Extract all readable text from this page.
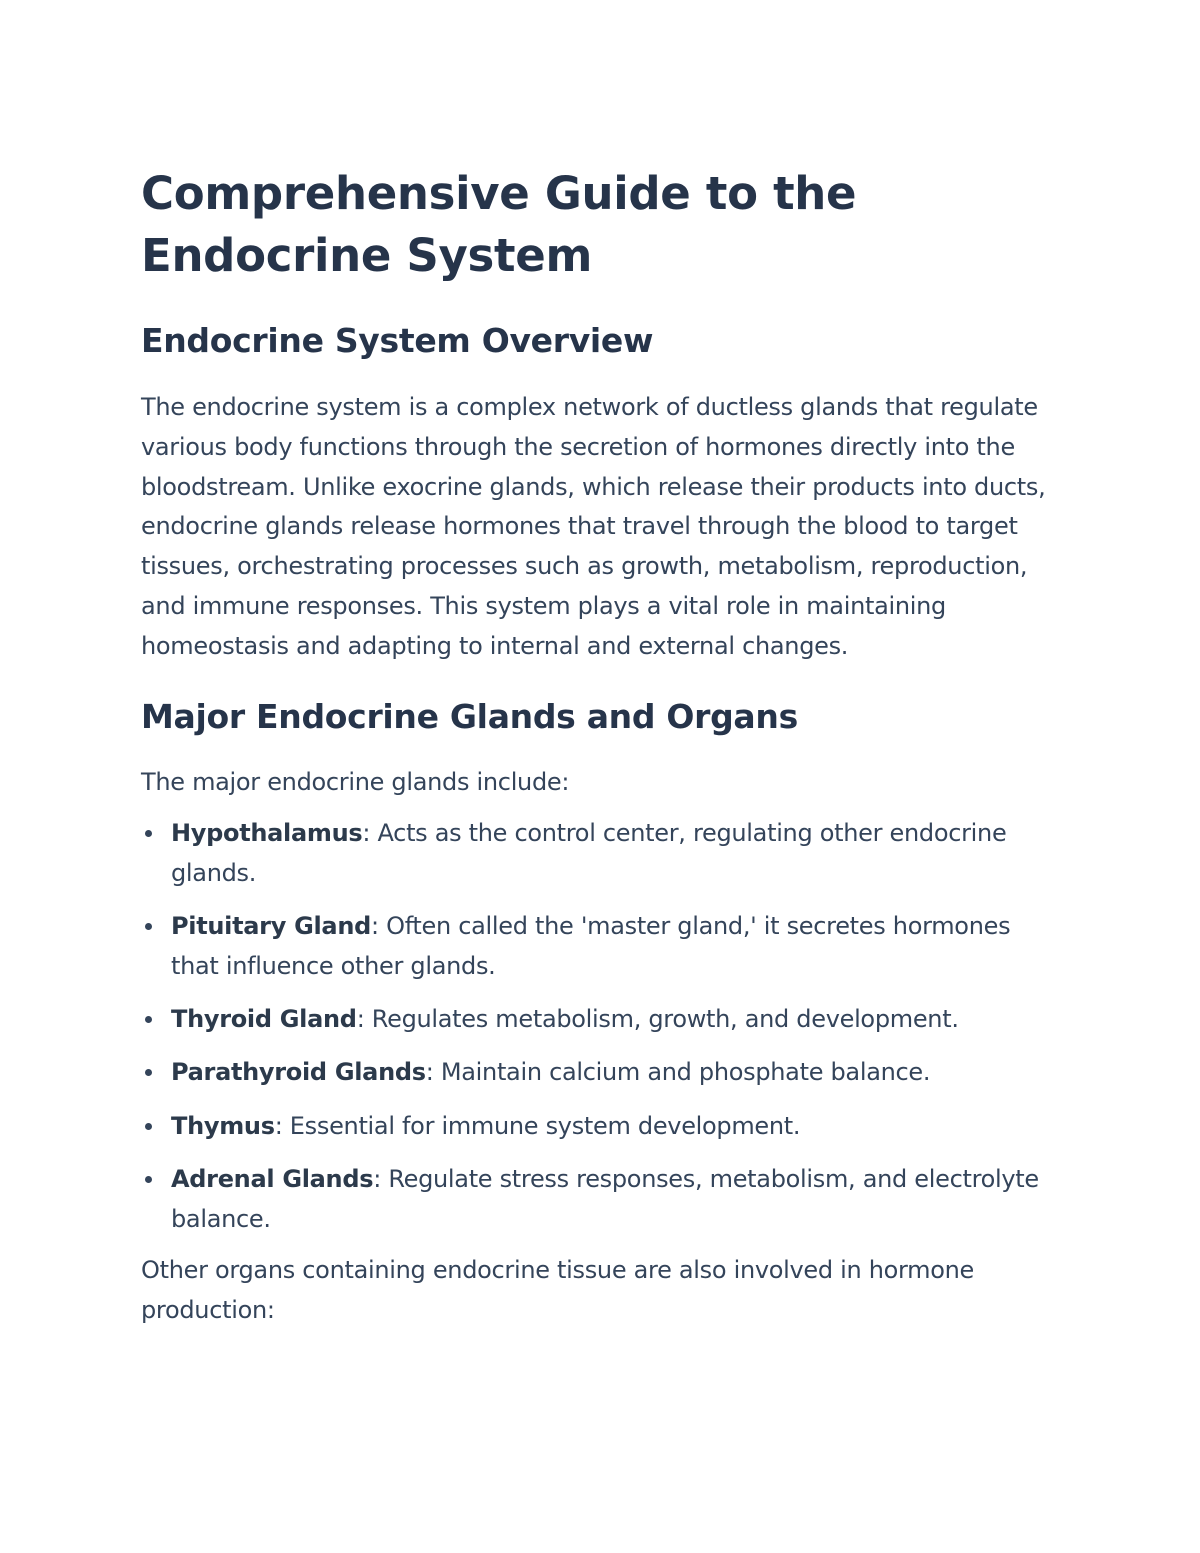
Comprehensive Guide to the Endocrine System
Endocrine System Overview

The endocrine system is a complex network of ductless glands that regulate various body functions through the secretion of hormones directly into the bloodstream. Unlike exocrine glands, which release their products into ducts, endocrine glands release hormones that travel through the blood to target tissues, orchestrating processes such as growth, metabolism, reproduction, and immune responses. This system plays a vital role in maintaining homeostasis and adapting to internal and external changes.

Major Endocrine Glands and Organs

The major endocrine glands include:

Hypothalamus: Acts as the control center, regulating other endocrine glands.
Pituitary Gland: Often called the 'master gland,' it secretes hormones that influence other glands.
Thyroid Gland: Regulates metabolism, growth, and development.
Parathyroid Glands: Maintain calcium and phosphate balance.
Thymus: Essential for immune system development.
Adrenal Glands: Regulate stress responses, metabolism, and electrolyte balance.

Other organs containing endocrine tissue are also involved in hormone production:
